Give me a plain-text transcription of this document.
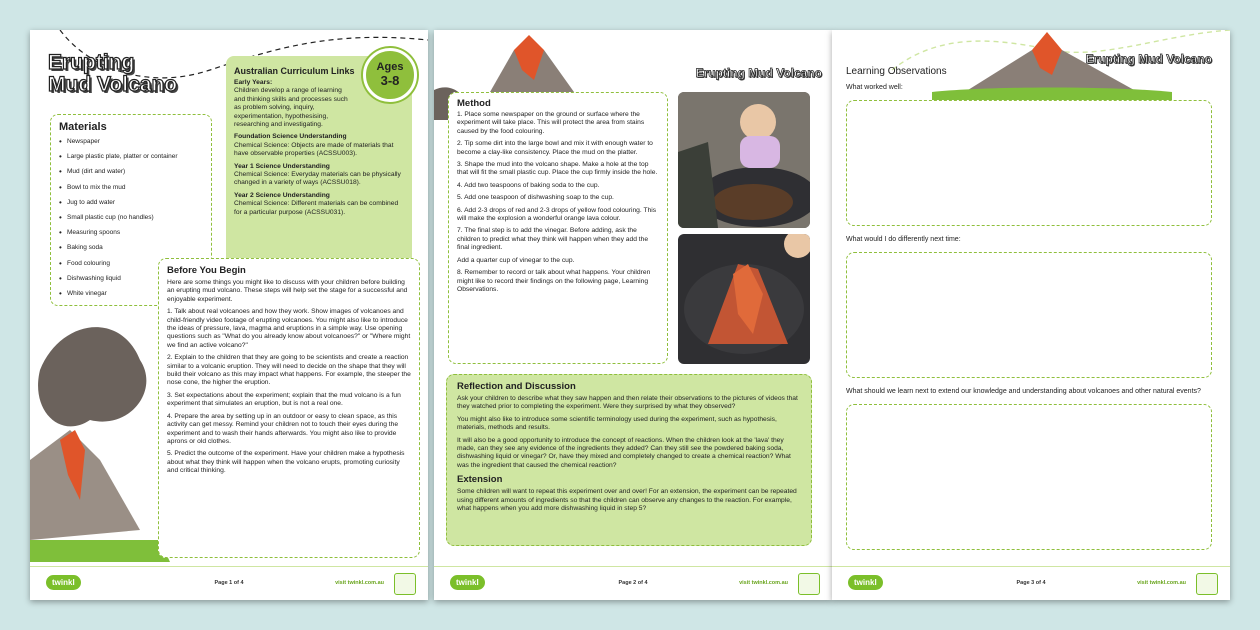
Erupting
Mud Volcano
Materials
• Newspaper
• Large plastic plate, platter or container
• Mud (dirt and water)
• Bowl to mix the mud
• Jug to add water
• Small plastic cup (no handles)
• Measuring spoons
• Baking soda
• Food colouring
• Dishwashing liquid
• White vinegar
Australian Curriculum Links
Early Years:

Children develop a range of learning and thinking skills and processes such as problem solving, inquiry, experimentation, hypothesising, researching and investigating.

Foundation Science Understanding

Chemical Science: Objects are made of materials that have observable properties (ACSSU003).

Year 1 Science Understanding

Chemical Science: Everyday materials can be physically changed in a variety of ways (ACSSU018).

Year 2 Science Understanding

Chemical Science: Different materials can be combined for a particular purpose (ACSSU031).

Ages
3-8
Before You Begin

Here are some things you might like to discuss with your children before building an erupting mud volcano. These steps will help set the stage for a successful and enjoyable experiment.

1. Talk about real volcanoes and how they work. Show images of volcanoes and child-friendly video footage of erupting volcanoes. You might also like to introduce the ideas of pressure, lava, magma and eruptions in a simple way. Use opening questions such as "What do you already know about volcanoes?" or "Where might we find an active volcano?"

2. Explain to the children that they are going to be scientists and create a reaction similar to a volcanic eruption. They will need to decide on the shape that they will build their volcano as this may impact what happens. For example, the steeper the nose cone, the higher the eruption.

3. Set expectations about the experiment; explain that the mud volcano is a fun experiment that simulates an eruption, but is not a real one.

4. Prepare the area by setting up in an outdoor or easy to clean space, as this activity can get messy. Remind your children not to touch their eyes during the experiment and to wash their hands afterwards. You might also like to provide aprons or old clothes.

5. Predict the outcome of the experiment. Have your children make a hypothesis about what they think will happen when the volcano erupts, promoting curiosity and critical thinking.

twinkl	Page 1 of 4	visit twinkl.com.au
Erupting Mud Volcano
Method

1. Place some newspaper on the ground or surface where the experiment will take place. This will protect the area from stains caused by the food colouring.

2. Tip some dirt into the large bowl and mix it with enough water to become a clay-like consistency. Place the mud on the platter.

3. Shape the mud into the volcano shape. Make a hole at the top that will fit the small plastic cup. Place the cup firmly inside the hole.

4. Add two teaspoons of baking soda to the cup.

5. Add one teaspoon of dishwashing soap to the cup.

6. Add 2-3 drops of red and 2-3 drops of yellow food colouring. This will make the explosion a wonderful orange lava colour.

7. The final step is to add the vinegar. Before adding, ask the children to predict what they think will happen when they add the final ingredient.

Add a quarter cup of vinegar to the cup.

8. Remember to record or talk about what happens. Your children might like to record their findings on the following page, Learning Observations.

Reflection and Discussion

Ask your children to describe what they saw happen and then relate their observations to the pictures of videos that they watched prior to completing the experiment. Were they surprised by what they observed?

You might also like to introduce some scientific terminology used during the experiment, such as hypothesis, materials, methods and results.

It will also be a good opportunity to introduce the concept of reactions. When the children look at the 'lava' they made, can they see any evidence of the ingredients they added? Can they still see the powdered baking soda, dishwashing liquid or vinegar? Or, have they mixed and completely changed to create a chemical reaction? What was the ingredient that caused the chemical reaction?

Extension

Some children will want to repeat this experiment over and over! For an extension, the experiment can be repeated using different amounts of ingredients so that the children can observe any changes to the reaction. For example, what happens when you add more dishwashing liquid in step 5?

twinkl	Page 2 of 4	visit twinkl.com.au
Erupting Mud Volcano
Learning Observations
What worked well:
What would I do differently next time:
What should we learn next to extend our knowledge and understanding about volcanoes and other natural events?
twinkl	Page 3 of 4	visit twinkl.com.au
